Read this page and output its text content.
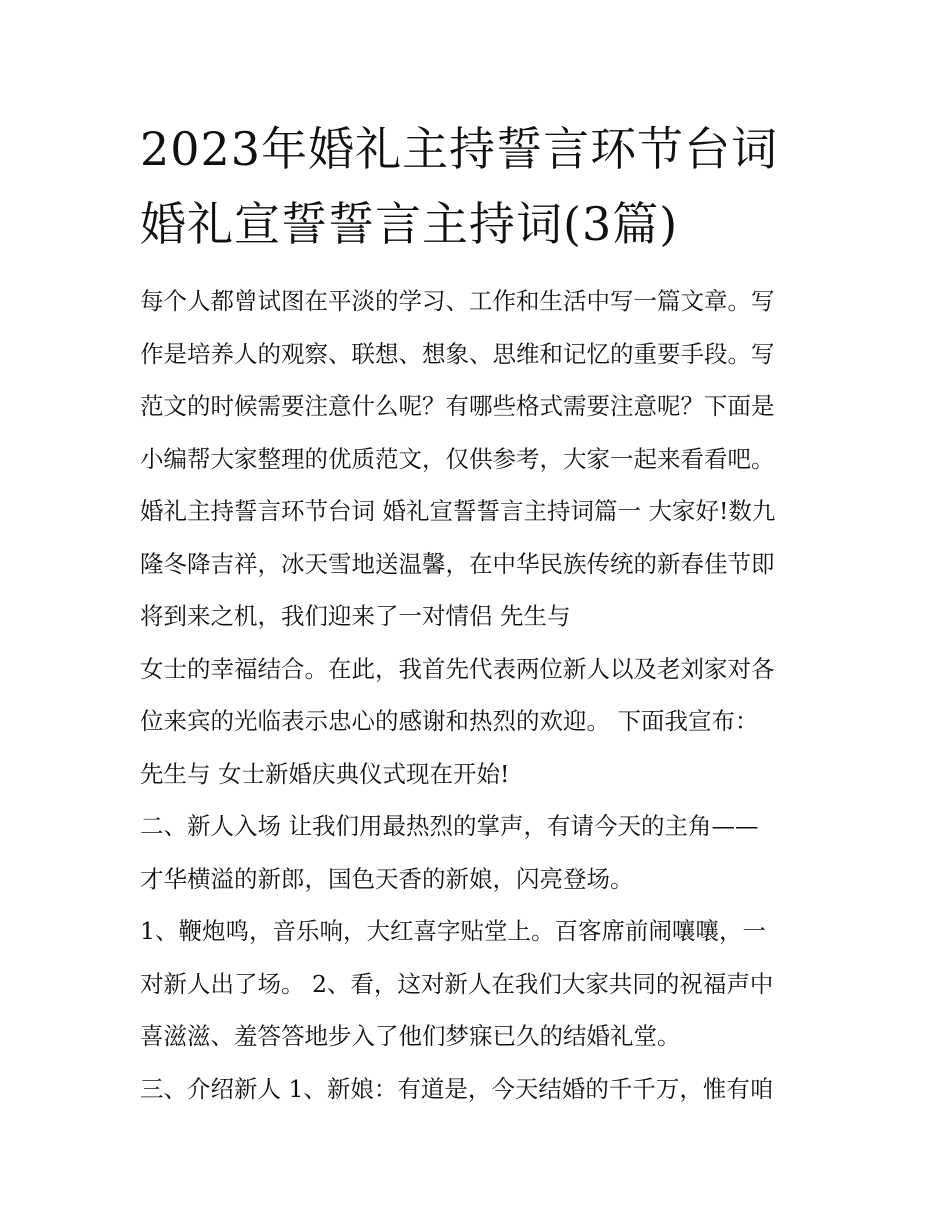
2023年婚礼主持誓言环节台词
婚礼宣誓誓言主持词(3篇)
每个人都曾试图在平淡的学习、工作和生活中写一篇文章。写
作是培养人的观察、联想、想象、思维和记忆的重要手段。写
范文的时候需要注意什么呢？有哪些格式需要注意呢？下面是
小编帮大家整理的优质范文，仅供参考，大家一起来看看吧。
婚礼主持誓言环节台词 婚礼宣誓誓言主持词篇一 大家好!数九
隆冬降吉祥，冰天雪地送温馨，在中华民族传统的新春佳节即
将到来之机，我们迎来了一对情侣 先生与
女士的幸福结合。在此，我首先代表两位新人以及老刘家对各
位来宾的光临表示忠心的感谢和热烈的欢迎。 下面我宣布：
先生与 女士新婚庆典仪式现在开始!
二、新人入场 让我们用最热烈的掌声，有请今天的主角——
才华横溢的新郎，国色天香的新娘，闪亮登场。
1、鞭炮鸣，音乐响，大红喜字贴堂上。百客席前闹嚷嚷，一
对新人出了场。 2、看，这对新人在我们大家共同的祝福声中
喜滋滋、羞答答地步入了他们梦寐已久的结婚礼堂。
三、介绍新人 1、新娘：有道是，今天结婚的千千万，惟有咱
